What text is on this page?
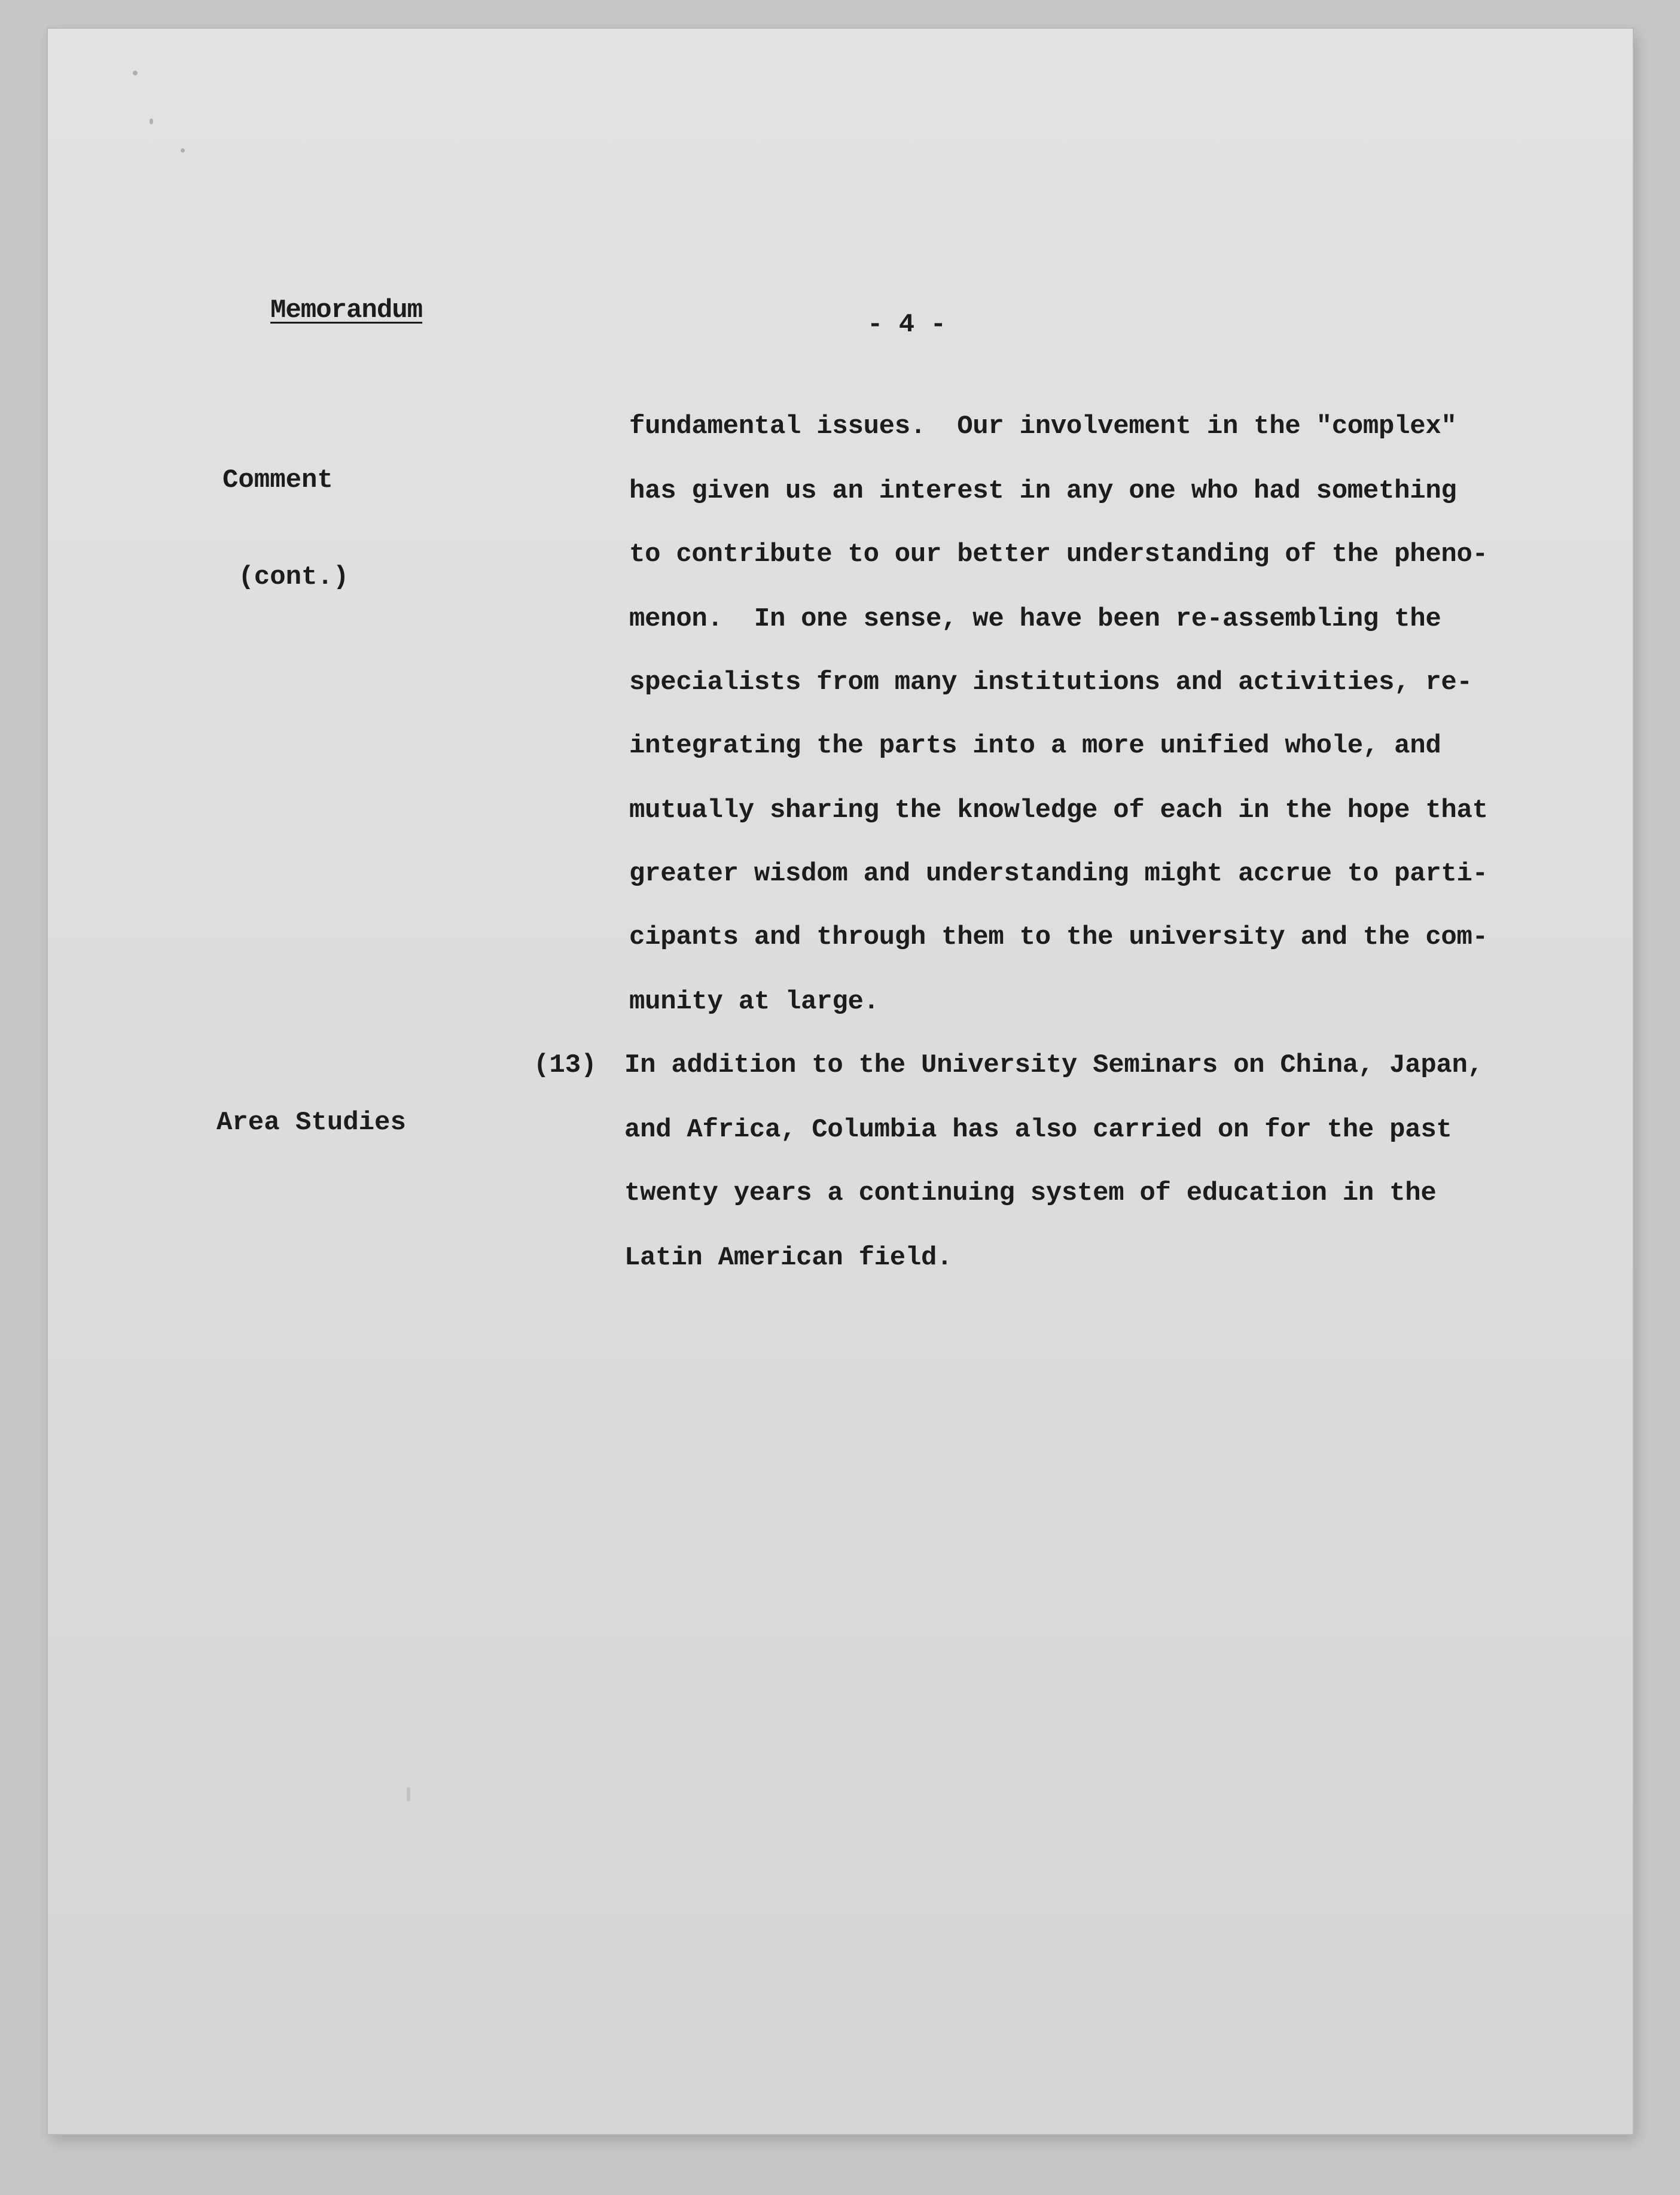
Memorandum	- 4 -

Comment

(cont.)

fundamental issues.  Our involvement in the "complex"
has given us an interest in any one who had something
to contribute to our better understanding of the pheno-
menon.  In one sense, we have been re-assembling the
specialists from many institutions and activities, re-
integrating the parts into a more unified whole, and
mutually sharing the knowledge of each in the hope that
greater wisdom and understanding might accrue to parti-
cipants and through them to the university and the com-
munity at large.

Area Studies

(13) In addition to the University Seminars on China, Japan,
and Africa, Columbia has also carried on for the past
twenty years a continuing system of education in the
Latin American field.
